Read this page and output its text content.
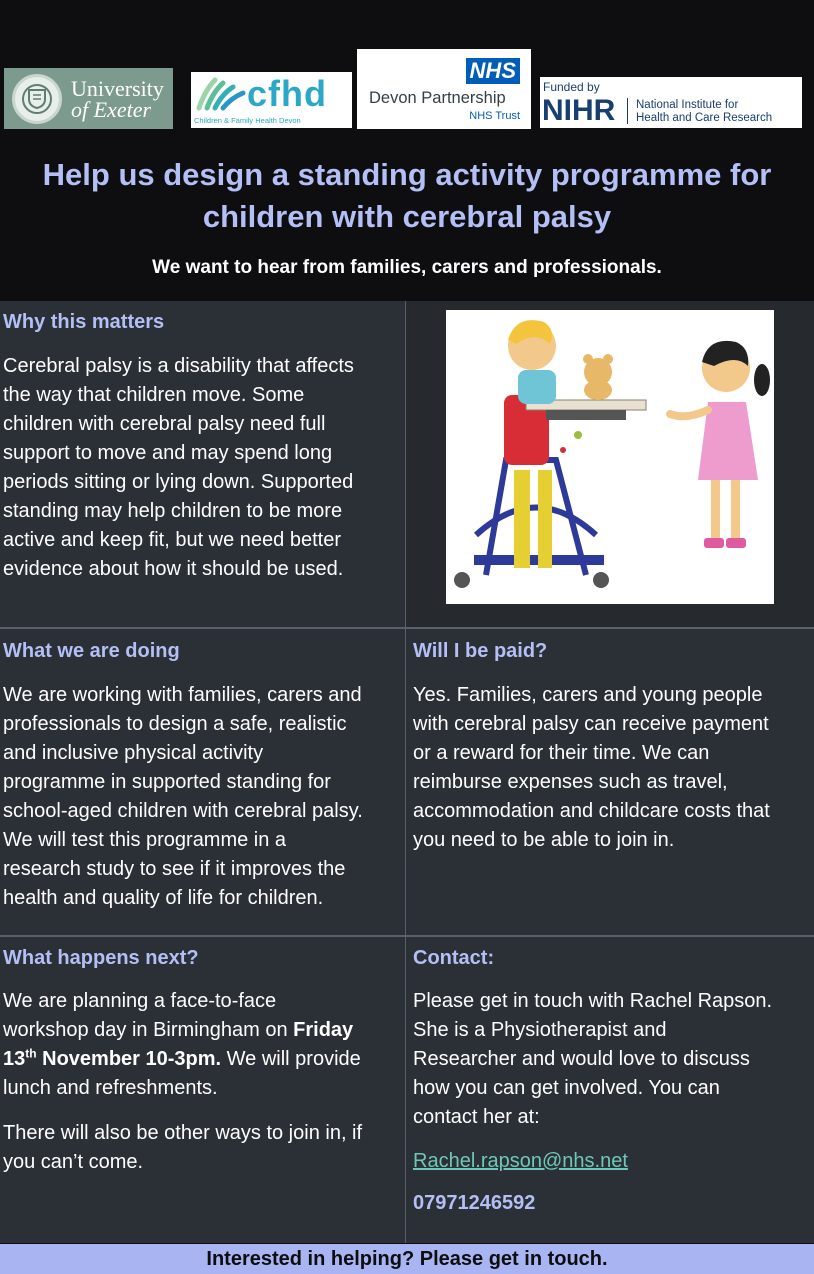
University
of Exeter	cfhd
Children & Family Health Devon
NHS
Devon Partnership
NHS Trust
Funded by
NIHR National Institute for
Health and Care Research
Help us design a standing activity programme for
children with cerebral palsy
We want to hear from families, carers and professionals.
Why this matters
Cerebral palsy is a disability that affects
the way that children move. Some
children with cerebral palsy need full
support to move and may spend long
periods sitting or lying down. Supported
standing may help children to be more
active and keep fit, but we need better
evidence about how it should be used.
What we are doing
We are working with families, carers and
professionals to design a safe, realistic
and inclusive physical activity
programme in supported standing for
school-aged children with cerebral palsy.
We will test this programme in a
research study to see if it improves the
health and quality of life for children.
Will I be paid?
Yes. Families, carers and young people
with cerebral palsy can receive payment
or a reward for their time. We can
reimburse expenses such as travel,
accommodation and childcare costs that
you need to be able to join in.
What happens next?
We are planning a face-to-face
workshop day in Birmingham on Friday
13th November 10-3pm. We will provide
lunch and refreshments.
There will also be other ways to join in, if
you can’t come.
Contact:
Please get in touch with Rachel Rapson.
She is a Physiotherapist and
Researcher and would love to discuss
how you can get involved. You can
contact her at:
Rachel.rapson@nhs.net
07971246592
Interested in helping? Please get in touch.
